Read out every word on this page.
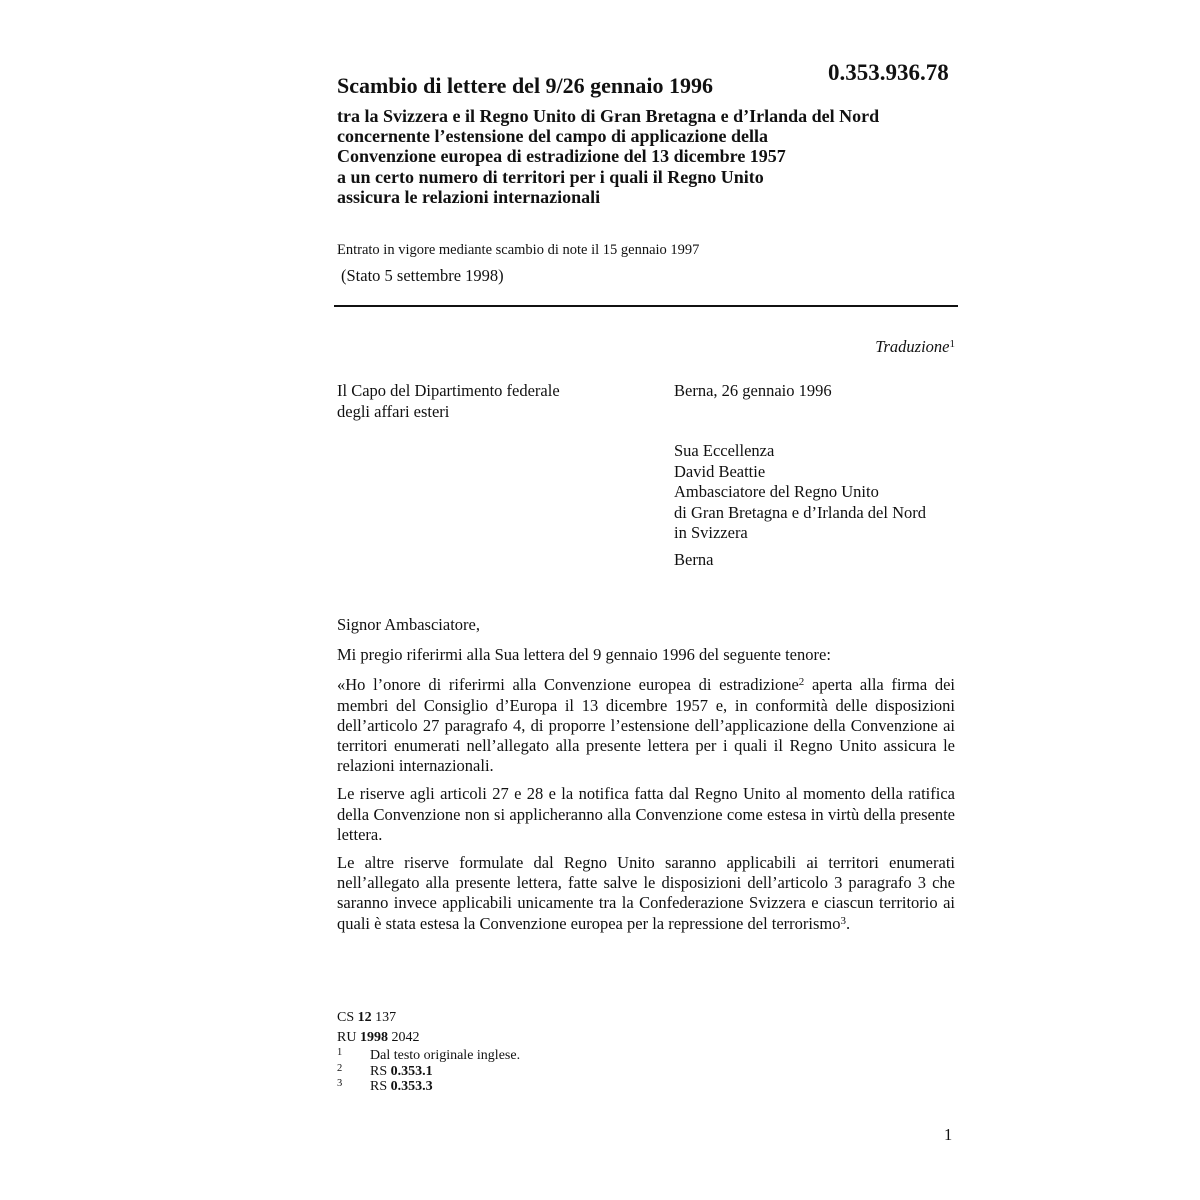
Scambio di lettere del 9/26 gennaio 1996
0.353.936.78
tra la Svizzera e il Regno Unito di Gran Bretagna e d’Irlanda del Nord
concernente l’estensione del campo di applicazione della
Convenzione europea di estradizione del 13 dicembre 1957
a un certo numero di territori per i quali il Regno Unito
assicura le relazioni internazionali
Entrato in vigore mediante scambio di note il 15 gennaio 1997
(Stato 5 settembre 1998)
Traduzione$^1$
Il Capo del Dipartimento federale
degli affari esteri
Berna, 26 gennaio 1996
Sua Eccellenza
David Beattie
Ambasciatore del Regno Unito
di Gran Bretagna e d’Irlanda del Nord
in Svizzera
Berna

Signor Ambasciatore,

Mi pregio riferirmi alla Sua lettera del 9 gennaio 1996 del seguente tenore:

«Ho l’onore di riferirmi alla Convenzione europea di estradizione$^2$ aperta alla firma dei membri del Consiglio d’Europa il 13 dicembre 1957 e, in conformità delle disposizioni dell’articolo 27 paragrafo 4, di proporre l’estensione dell’applicazione della Convenzione ai territori enumerati nell’allegato alla presente lettera per i quali il Regno Unito assicura le relazioni internazionali.

Le riserve agli articoli 27 e 28 e la notifica fatta dal Regno Unito al momento della ratifica della Convenzione non si applicheranno alla Convenzione come estesa in virtù della presente lettera.

Le altre riserve formulate dal Regno Unito saranno applicabili ai territori enumerati nell’allegato alla presente lettera, fatte salve le disposizioni dell’articolo 3 paragrafo 3 che saranno invece applicabili unicamente tra la Confederazione Svizzera e ciascun territorio ai quali è stata estesa la Convenzione europea per la repressione del terrorismo$^3$.

CS 12 137
RU 1998 2042
1 Dal testo originale inglese.
2 RS 0.353.1
3 RS 0.353.3
1
